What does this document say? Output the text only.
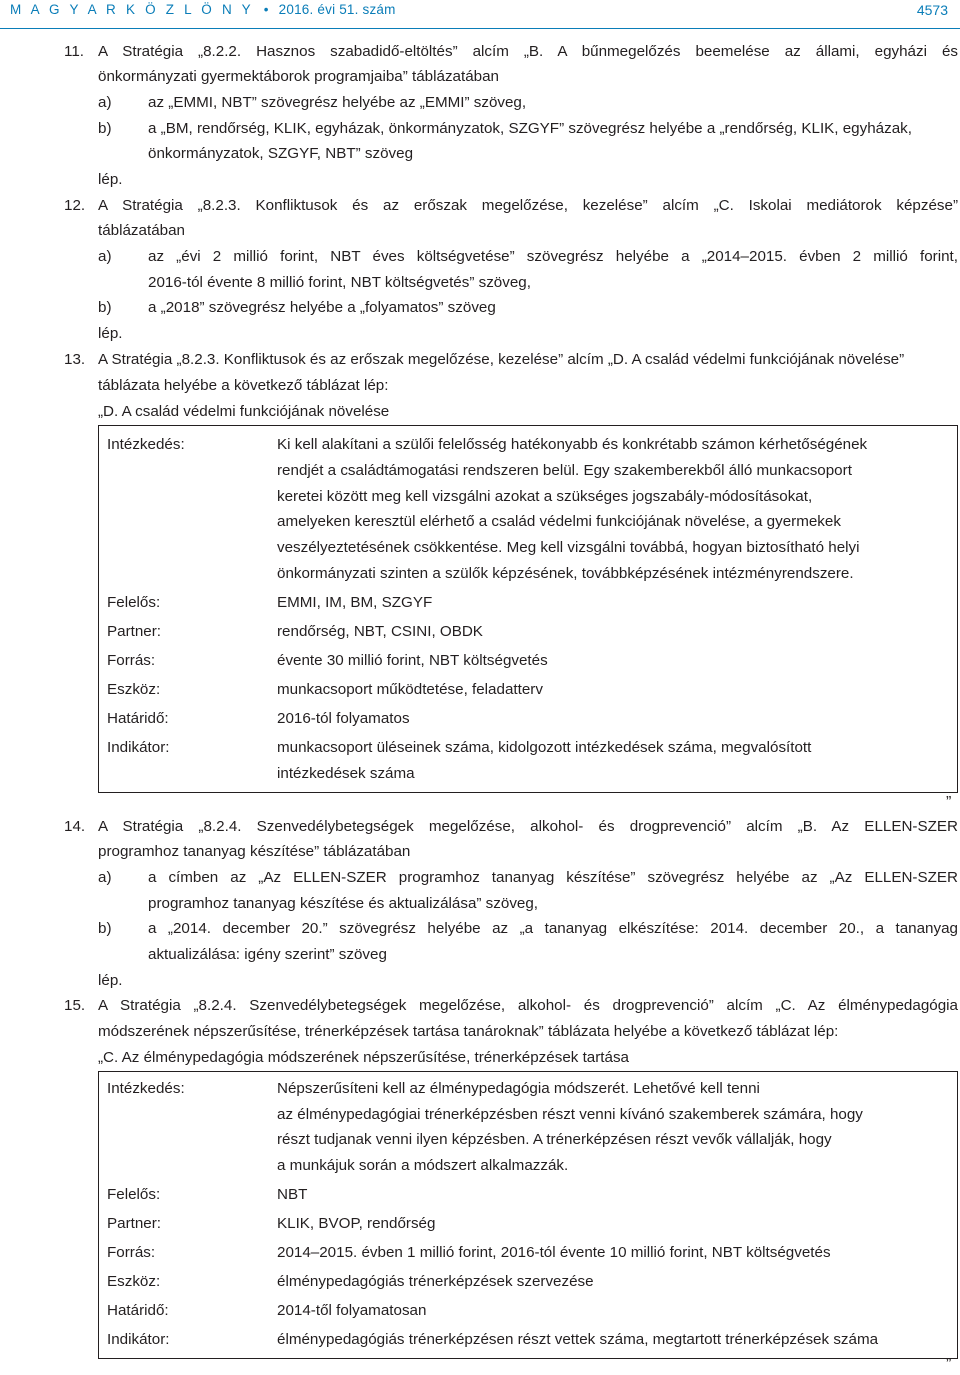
M A G Y A R K Ö Z L Ö N Y • 2016. évi 51. szám	4573
11. A Stratégia „8.2.2. Hasznos szabadidő-eltöltés” alcím „B. A bűnmegelőzés beemelése az állami, egyházi és
önkormányzati gyermektáborok programjaiba” táblázatában
a) az „EMMI, NBT” szövegrész helyébe az „EMMI” szöveg,
b) a „BM, rendőrség, KLIK, egyházak, önkormányzatok, SZGYF” szövegrész helyébe a „rendőrség, KLIK, egyházak,
önkormányzatok, SZGYF, NBT” szöveg
lép.
12. A Stratégia „8.2.3. Konfliktusok és az erőszak megelőzése, kezelése” alcím „C. Iskolai mediátorok képzése”
táblázatában
a) az „évi 2 millió forint, NBT éves költségvetése” szövegrész helyébe a „2014–2015. évben 2 millió forint,
2016-tól évente 8 millió forint, NBT költségvetés” szöveg,
b) a „2018” szövegrész helyébe a „folyamatos” szöveg
lép.
13. A Stratégia „8.2.3. Konfliktusok és az erőszak megelőzése, kezelése” alcím „D. A család védelmi funkciójának növelése”
táblázata helyébe a következő táblázat lép:
„D. A család védelmi funkciójának növelése
Intézkedés:	Ki kell alakítani a szülői felelősség hatékonyabb és konkrétabb számon kérhetőségének
rendjét a családtámogatási rendszeren belül. Egy szakemberekből álló munkacsoport
keretei között meg kell vizsgálni azokat a szükséges jogszabály-módosításokat,
amelyeken keresztül elérhető a család védelmi funkciójának növelése, a gyermekek
veszélyeztetésének csökkentése. Meg kell vizsgálni továbbá, hogyan biztosítható helyi
önkormányzati szinten a szülők képzésének, továbbképzésének intézményrendszere.
Felelős:	EMMI, IM, BM, SZGYF
Partner:	rendőrség, NBT, CSINI, OBDK
Forrás:	évente 30 millió forint, NBT költségvetés
Eszköz:	munkacsoport működtetése, feladatterv
Határidő:	2016-tól folyamatos
Indikátor:	munkacsoport üléseinek száma, kidolgozott intézkedések száma, megvalósított
intézkedések száma
”
14. A Stratégia „8.2.4. Szenvedélybetegségek megelőzése, alkohol- és drogprevenció” alcím „B. Az ELLEN-SZER
programhoz tananyag készítése” táblázatában
a) a címben az „Az ELLEN-SZER programhoz tananyag készítése” szövegrész helyébe az „Az ELLEN-SZER
programhoz tananyag készítése és aktualizálása” szöveg,
b) a „2014. december 20.” szövegrész helyébe az „a tananyag elkészítése: 2014. december 20., a tananyag
aktualizálása: igény szerint” szöveg
lép.
15. A Stratégia „8.2.4. Szenvedélybetegségek megelőzése, alkohol- és drogprevenció” alcím „C. Az élménypedagógia
módszerének népszerűsítése, trénerképzések tartása tanároknak” táblázata helyébe a következő táblázat lép:
„C. Az élménypedagógia módszerének népszerűsítése, trénerképzések tartása
Intézkedés:	Népszerűsíteni kell az élménypedagógia módszerét. Lehetővé kell tenni
az élménypedagógiai trénerképzésben részt venni kívánó szakemberek számára, hogy
részt tudjanak venni ilyen képzésben. A trénerképzésen részt vevők vállalják, hogy
a munkájuk során a módszert alkalmazzák.
Felelős:	NBT
Partner:	KLIK, BVOP, rendőrség
Forrás:	2014–2015. évben 1 millió forint, 2016-tól évente 10 millió forint, NBT költségvetés
Eszköz:	élménypedagógiás trénerképzések szervezése
Határidő:	2014-től folyamatosan
Indikátor:	élménypedagógiás trénerképzésen részt vettek száma, megtartott trénerképzések száma
”
